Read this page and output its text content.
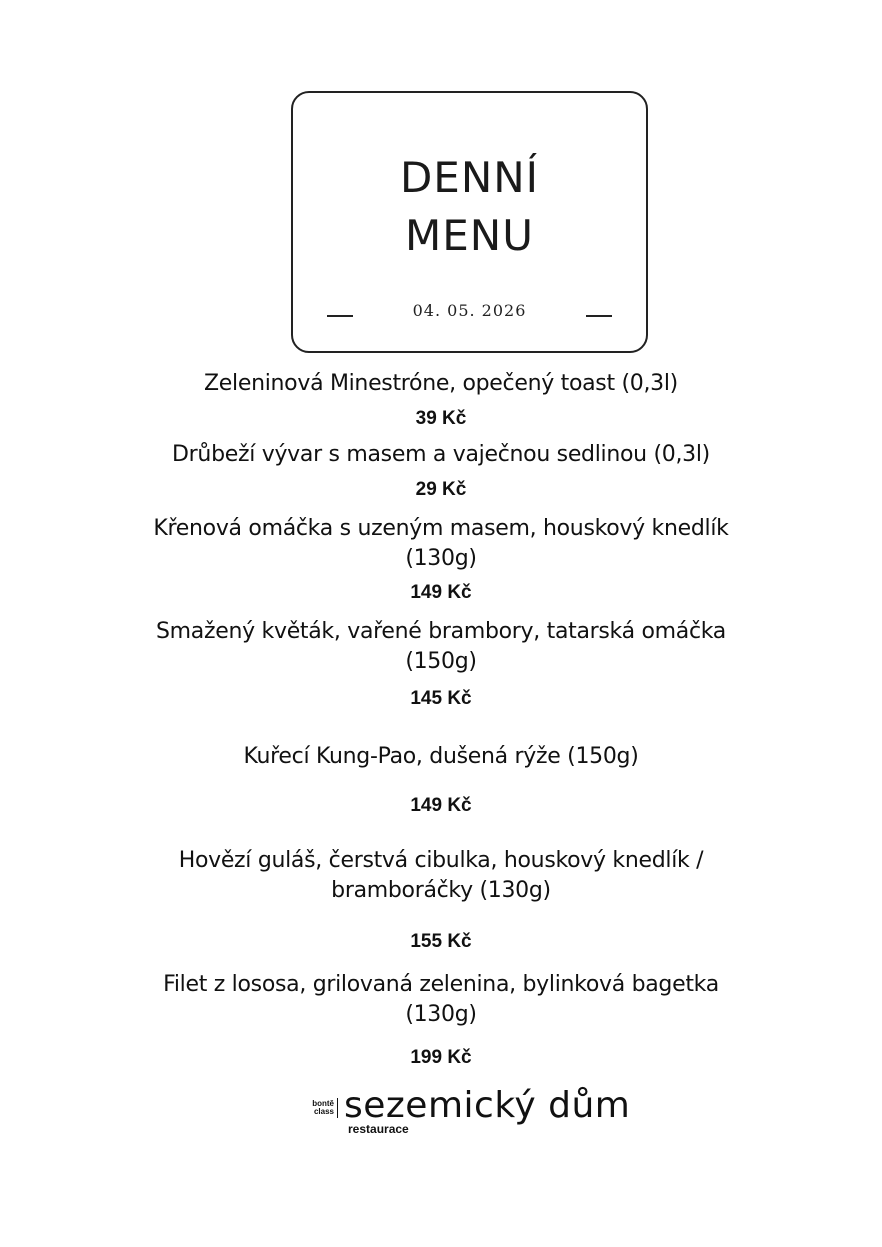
DENNÍ
MENU
04. 05. 2026
Zeleninová Minestróne, opečený toast (0,3l)
39 Kč
Drůbeží vývar s masem a vaječnou sedlinou (0,3l)
29 Kč
Křenová omáčka s uzeným masem, houskový knedlík (130g)
149 Kč
Smažený květák, vařené brambory, tatarská omáčka (150g)
145 Kč
Kuřecí Kung-Pao, dušená rýže (150g)
149 Kč
Hovězí guláš, čerstvá cibulka, houskový knedlík / bramboráčky (130g)
155 Kč
Filet z lososa, grilovaná zelenina, bylinková bagetka (130g)
199 Kč
bontě
class sezemický dům
restaurace
